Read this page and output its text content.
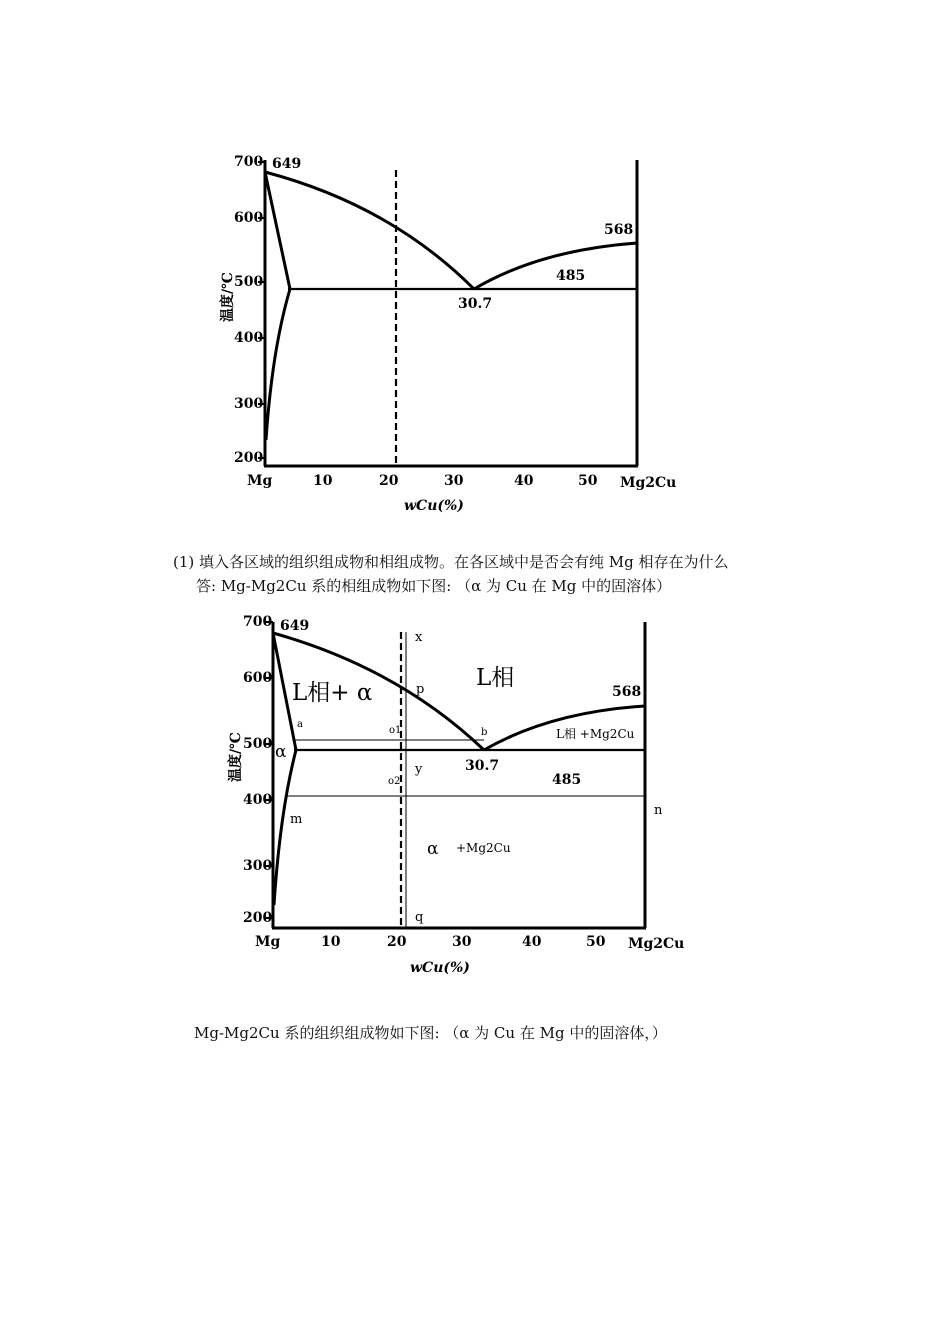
700
600
500
400
300
200
温度/℃
Mg	10	20	30	40	50 Mg2Cu
wCu(%)
649
568
485
30.7
(1) 填入各区域的组织组成物和相组成物。在各区域中是否会有纯 Mg 相存在为什么
答: Mg-Mg2Cu 系的相组成物如下图: （α 为 Cu 在 Mg 中的固溶体）
700
600
500
400
300
200
温度/℃
Mg	10	20	30	40	50 Mg2Cu
wCu(%)
649
568
485
30.7
x
p
a
o1	b
y
o2
n
m
q
L相
L相+ α
α
L相 +Mg2Cu
α +Mg2Cu
Mg-Mg2Cu 系的组织组成物如下图: （α 为 Cu 在 Mg 中的固溶体，）
